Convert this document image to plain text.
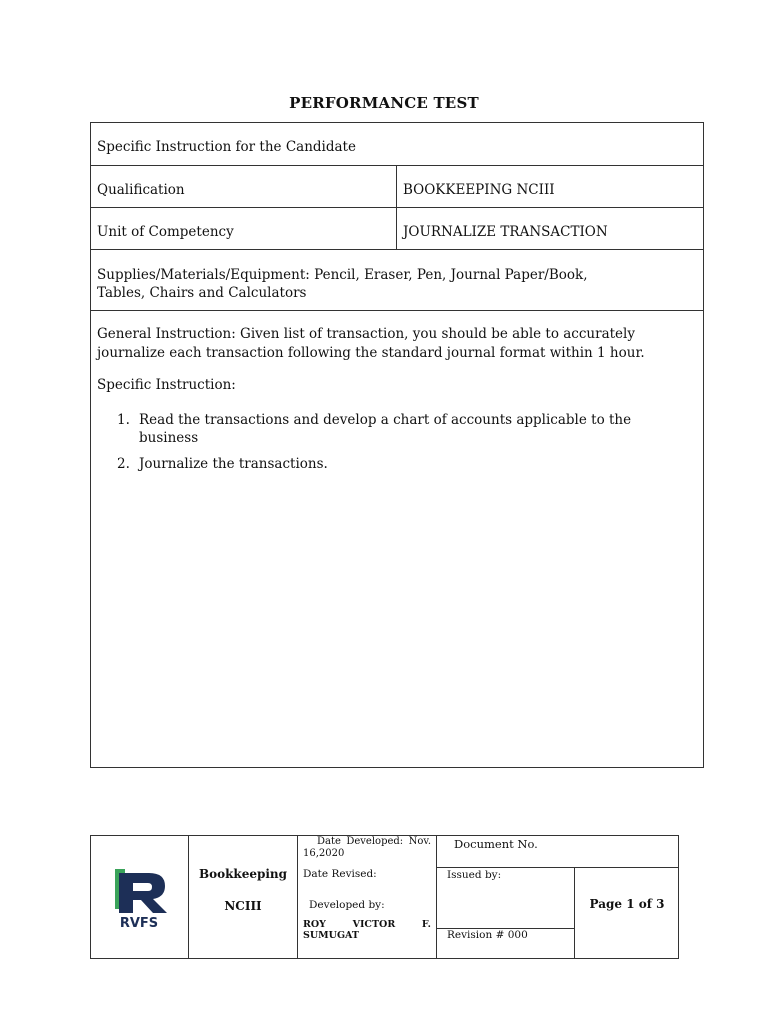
PERFORMANCE TEST
Specific Instruction for the Candidate
Qualification	BOOKKEEPING NCIII
Unit of Competency	JOURNALIZE TRANSACTION

Supplies/Materials/Equipment: Pencil, Eraser, Pen, Journal Paper/Book,

Tables, Chairs and Calculators

General Instruction: Given list of transaction, you should be able to accurately journalize each transaction following the standard journal format within 1 hour.
Specific Instruction:
1. Read the transactions and develop a chart of accounts applicable to the business
2. Journalize the transactions.
RVFS
Bookkeeping
NCIII
Date Developed: Nov. 16,2020
Date Revised:
Developed by:
ROY	VICTOR	F.
SUMUGAT
Document No.
Issued by:
Revision # 000
Page 1 of 3
